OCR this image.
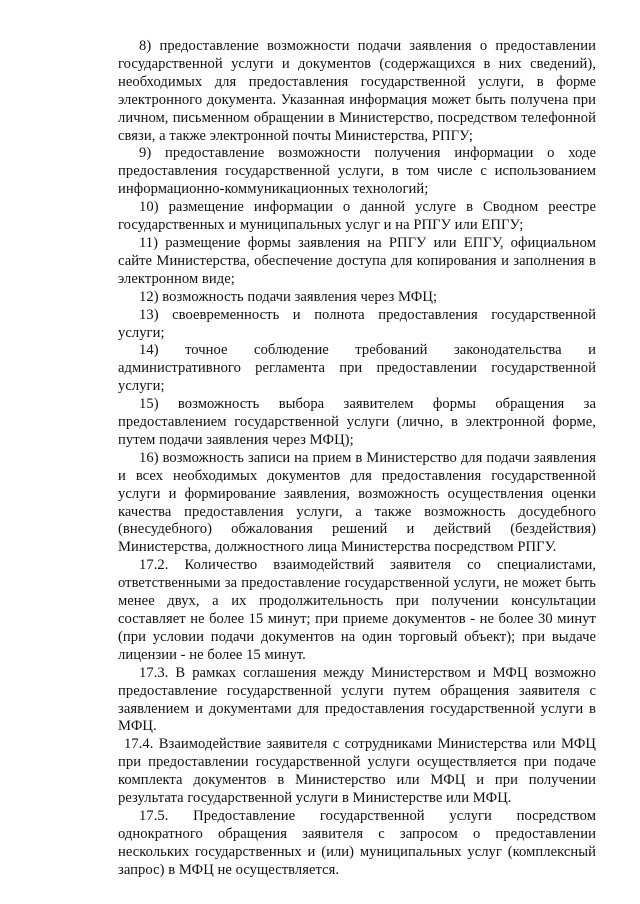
8) предоставление возможности подачи заявления о предоставлении государственной услуги и документов (содержащихся в них сведений), необходимых для предоставления государственной услуги, в форме электронного документа. Указанная информация может быть получена при личном, письменном обращении в Министерство, посредством телефонной связи, а также электронной почты Министерства, РПГУ;

9) предоставление возможности получения информации о ходе предоставления государственной услуги, в том числе с использованием информационно-коммуникационных технологий;

10) размещение информации о данной услуге в Сводном реестре государственных и муниципальных услуг и на РПГУ или ЕПГУ;

11) размещение формы заявления на РПГУ или ЕПГУ, официальном сайте Министерства, обеспечение доступа для копирования и заполнения в электронном виде;

12) возможность подачи заявления через МФЦ;

13) своевременность и полнота предоставления государственной услуги;

14) точное соблюдение требований законодательства и административного регламента при предоставлении государственной услуги;

15) возможность выбора заявителем формы обращения за предоставлением государственной услуги (лично, в электронной форме, путем подачи заявления через МФЦ);

16) возможность записи на прием в Министерство для подачи заявления и всех необходимых документов для предоставления государственной услуги и формирование заявления, возможность осуществления оценки качества предоставления услуги, а также возможность досудебного (внесудебного) обжалования решений и действий (бездействия) Министерства, должностного лица Министерства посредством РПГУ.

17.2. Количество взаимодействий заявителя со специалистами, ответственными за предоставление государственной услуги, не может быть менее двух, а их продолжительность при получении консультации составляет не более 15 минут; при приеме документов - не более 30 минут (при условии подачи документов на один торговый объект); при выдаче лицензии - не более 15 минут.

17.3. В рамках соглашения между Министерством и МФЦ возможно предоставление государственной услуги путем обращения заявителя с заявлением и документами для предоставления государственной услуги в МФЦ.

17.4. Взаимодействие заявителя с сотрудниками Министерства или МФЦ при предоставлении государственной услуги осуществляется при подаче комплекта документов в Министерство или МФЦ и при получении результата государственной услуги в Министерстве или МФЦ.

17.5. Предоставление государственной услуги посредством однократного обращения заявителя с запросом о предоставлении нескольких государственных и (или) муниципальных услуг (комплексный запрос) в МФЦ не осуществляется.
